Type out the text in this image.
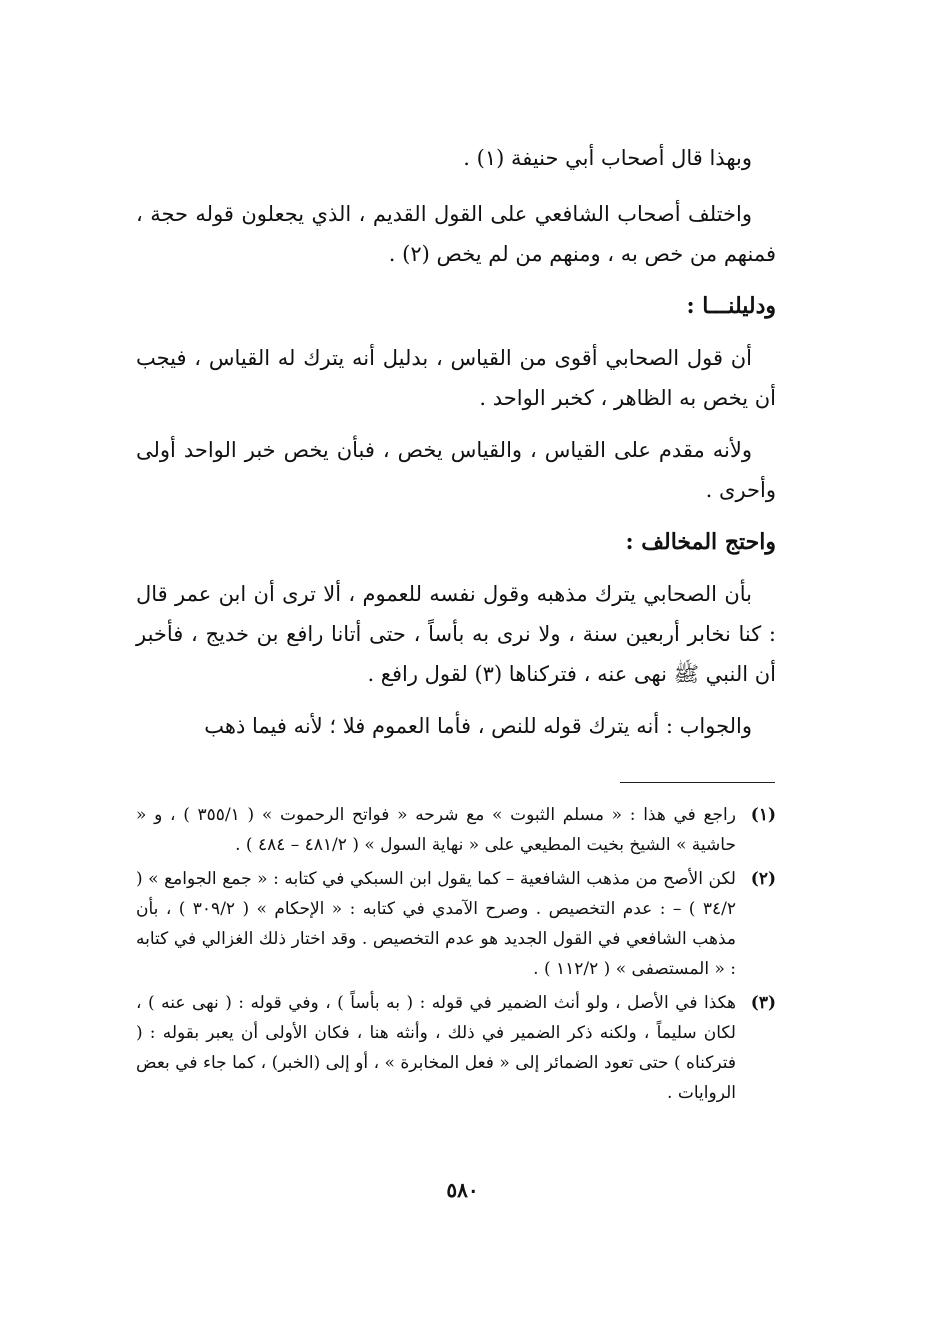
وبهذا قال أصحاب أبي حنيفة (١) .

واختلف أصحاب الشافعي على القول القديم ، الذي يجعلون قوله حجة ، فمنهم من خص به ، ومنهم من لم يخص (٢) .

ودليلنـــا :

أن قول الصحابي أقوى من القياس ، بدليل أنه يترك له القياس ، فيجب أن يخص به الظاهر ، كخبر الواحد .

ولأنه مقدم على القياس ، والقياس يخص ، فبأن يخص خبر الواحد أولى وأحرى .

واحتج المخالف :

بأن الصحابي يترك مذهبه وقول نفسه للعموم ، ألا ترى أن ابن عمر قال : كنا نخابر أربعين سنة ، ولا نرى به بأساً ، حتى أتانا رافع بن خديج ، فأخبر أن النبي ﷺ نهى عنه ، فتركناها (٣) لقول رافع .

والجواب : أنه يترك قوله للنص ، فأما العموم فلا ؛ لأنه فيما ذهب

(١)
راجع في هذا : « مسلم الثبوت » مع شرحه « فواتح الرحموت » ( ٣٥٥/١ ) ، و « حاشية » الشيخ بخيت المطيعي على « نهاية السول » ( ٤٨١/٢ – ٤٨٤ ) .
(٢)
لكن الأصح من مذهب الشافعية – كما يقول ابن السبكي في كتابه : « جمع الجوامع » ( ٣٤/٢ ) – : عدم التخصيص . وصرح الآمدي في كتابه : « الإحكام » ( ٣٠٩/٢ ) ، بأن مذهب الشافعي في القول الجديد هو عدم التخصيص . وقد اختار ذلك الغزالي في كتابه : « المستصفى » ( ١١٢/٢ ) .
(٣)
هكذا في الأصل ، ولو أنث الضمير في قوله : ( به بأساً ) ، وفي قوله : ( نهى عنه ) ، لكان سليماً ، ولكنه ذكر الضمير في ذلك ، وأنثه هنا ، فكان الأولى أن يعبر بقوله : ( فتركناه ) حتى تعود الضمائر إلى « فعل المخابرة » ، أو إلى (الخبر) ، كما جاء في بعض الروايات .
٥٨٠
